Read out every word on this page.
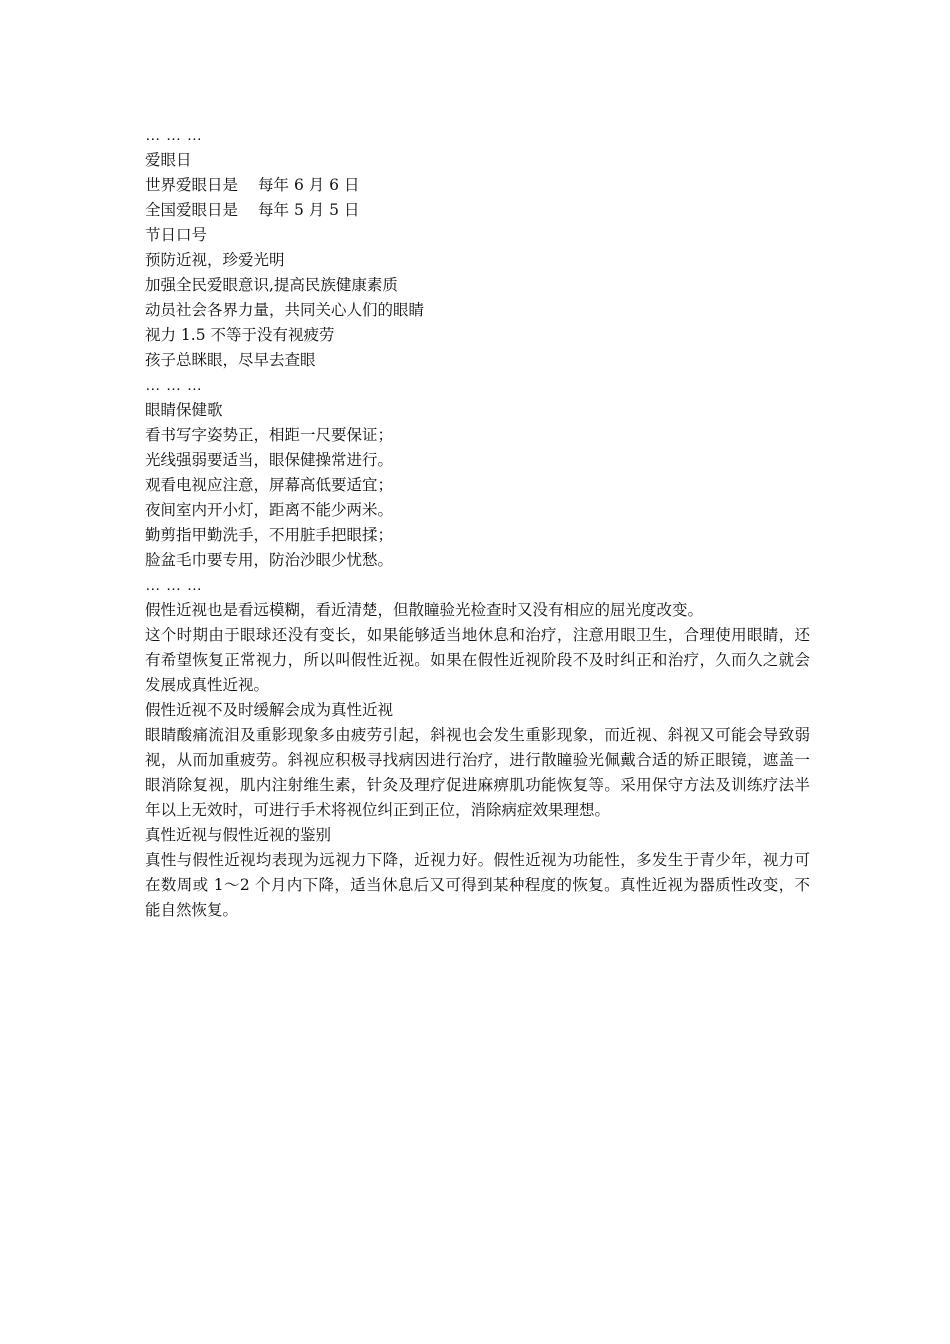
… … …
爱眼日
世界爱眼日是 每年 6 月 6 日
全国爱眼日是 每年 5 月 5 日
节日口号
预防近视，珍爱光明
加强全民爱眼意识,提高民族健康素质
动员社会各界力量，共同关心人们的眼睛
视力 1.5 不等于没有视疲劳
孩子总眯眼，尽早去查眼
… … …
眼睛保健歌
看书写字姿势正，相距一尺要保证；
光线强弱要适当，眼保健操常进行。
观看电视应注意，屏幕高低要适宜；
夜间室内开小灯，距离不能少两米。
勤剪指甲勤洗手，不用脏手把眼揉；
脸盆毛巾要专用，防治沙眼少忧愁。
… … …
假性近视也是看远模糊，看近清楚，但散瞳验光检查时又没有相应的屈光度改变。
这个时期由于眼球还没有变长，如果能够适当地休息和治疗，注意用眼卫生，合理使用眼睛，还有希望恢复正常视力，所以叫假性近视。如果在假性近视阶段不及时纠正和治疗，久而久之就会发展成真性近视。
假性近视不及时缓解会成为真性近视
眼睛酸痛流泪及重影现象多由疲劳引起，斜视也会发生重影现象，而近视、斜视又可能会导致弱视，从而加重疲劳。斜视应积极寻找病因进行治疗，进行散瞳验光佩戴合适的矫正眼镜，遮盖一眼消除复视，肌内注射维生素，针灸及理疗促进麻痹肌功能恢复等。采用保守方法及训练疗法半年以上无效时，可进行手术将视位纠正到正位，消除病症效果理想。
真性近视与假性近视的鉴别
真性与假性近视均表现为远视力下降，近视力好。假性近视为功能性，多发生于青少年，视力可在数周或 1～2 个月内下降，适当休息后又可得到某种程度的恢复。真性近视为器质性改变，不能自然恢复。
